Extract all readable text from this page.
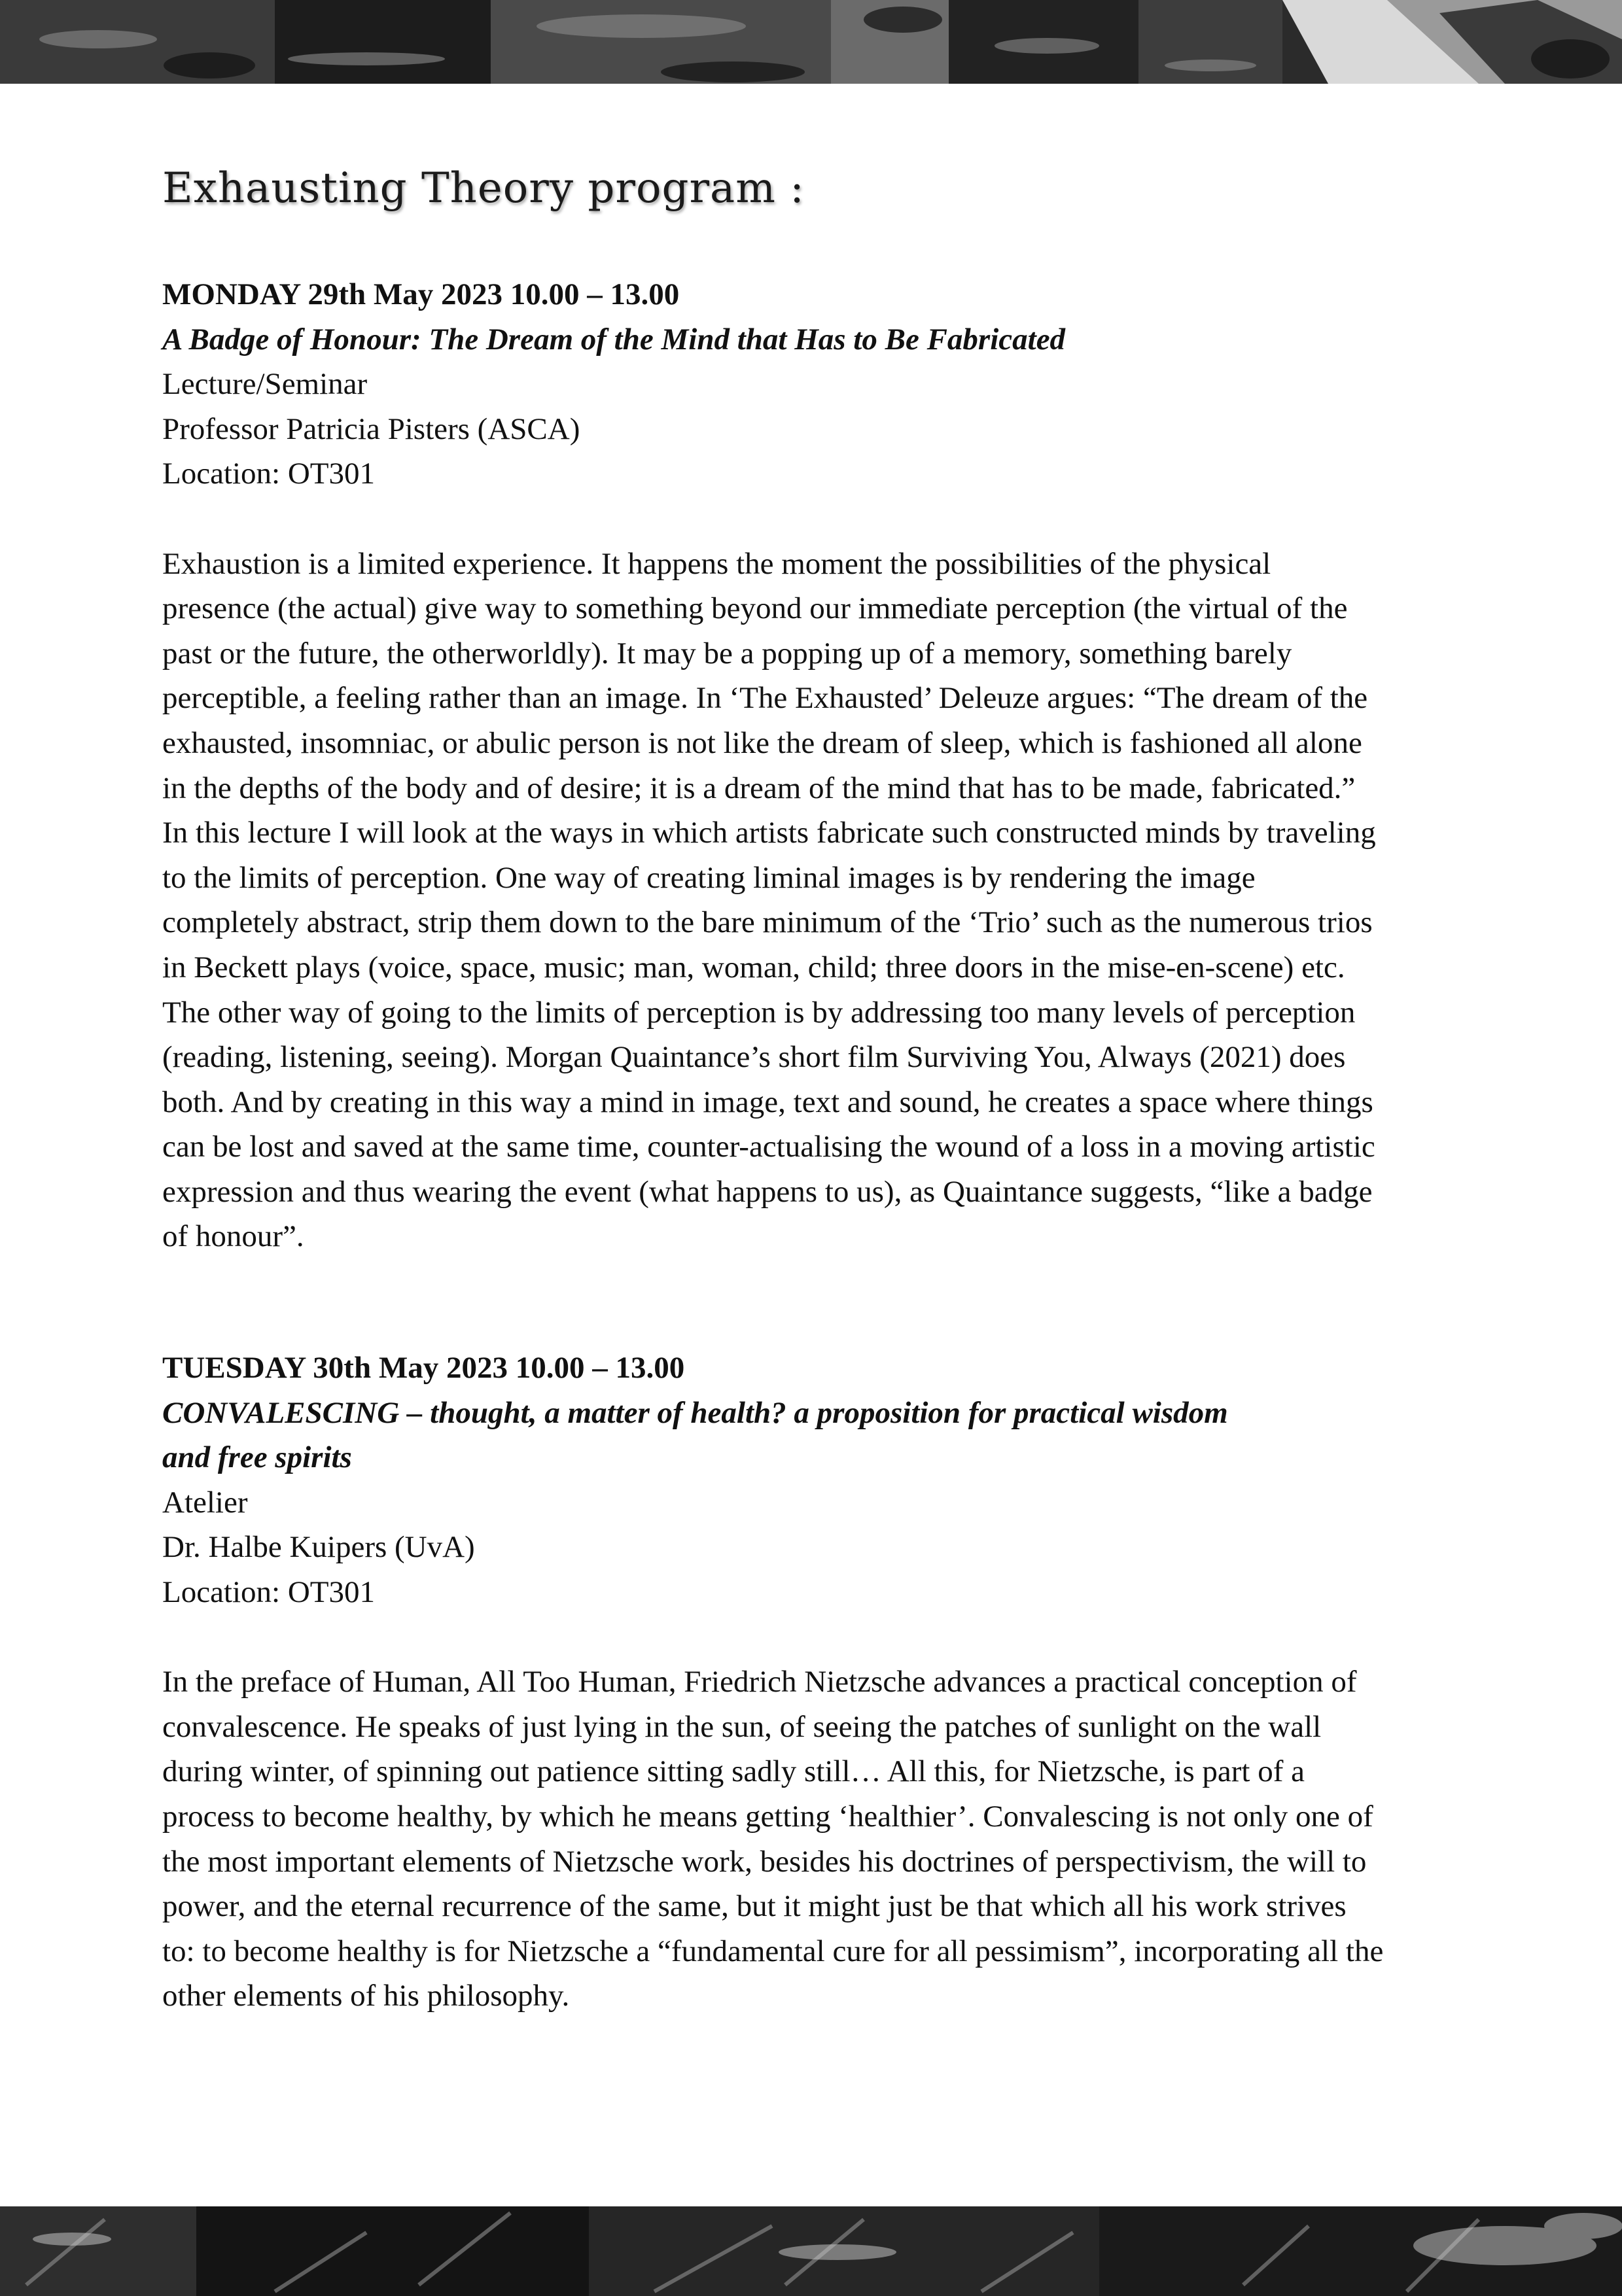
Exhausting Theory program :

MONDAY 29th May 2023 10.00 – 13.00

A Badge of Honour: The Dream of the Mind that Has to Be Fabricated

Lecture/Seminar

Professor Patricia Pisters (ASCA)

Location: OT301

Exhaustion is a limited experience. It happens the moment the possibilities of the physical
presence (the actual) give way to something beyond our immediate perception (the virtual of the
past or the future, the otherworldly). It may be a popping up of a memory, something barely
perceptible, a feeling rather than an image. In ‘The Exhausted’ Deleuze argues: “The dream of the
exhausted, insomniac, or abulic person is not like the dream of sleep, which is fashioned all alone
in the depths of the body and of desire; it is a dream of the mind that has to be made, fabricated.”
In this lecture I will look at the ways in which artists fabricate such constructed minds by traveling
to the limits of perception. One way of creating liminal images is by rendering the image
completely abstract, strip them down to the bare minimum of the ‘Trio’ such as the numerous trios
in Beckett plays (voice, space, music; man, woman, child; three doors in the mise-en-scene) etc.
The other way of going to the limits of perception is by addressing too many levels of perception
(reading, listening, seeing). Morgan Quaintance’s short film Surviving You, Always (2021) does
both. And by creating in this way a mind in image, text and sound, he creates a space where things
can be lost and saved at the same time, counter-actualising the wound of a loss in a moving artistic
expression and thus wearing the event (what happens to us), as Quaintance suggests, “like a badge
of honour”.

TUESDAY 30th May 2023 10.00 – 13.00

CONVALESCING – thought, a matter of health? a proposition for practical wisdom
and free spirits

Atelier

Dr. Halbe Kuipers (UvA)

Location: OT301

In the preface of Human, All Too Human, Friedrich Nietzsche advances a practical conception of
convalescence. He speaks of just lying in the sun, of seeing the patches of sunlight on the wall
during winter, of spinning out patience sitting sadly still… All this, for Nietzsche, is part of a
process to become healthy, by which he means getting ‘healthier’. Convalescing is not only one of
the most important elements of Nietzsche work, besides his doctrines of perspectivism, the will to
power, and the eternal recurrence of the same, but it might just be that which all his work strives
to: to become healthy is for Nietzsche a “fundamental cure for all pessimism”, incorporating all the
other elements of his philosophy.
